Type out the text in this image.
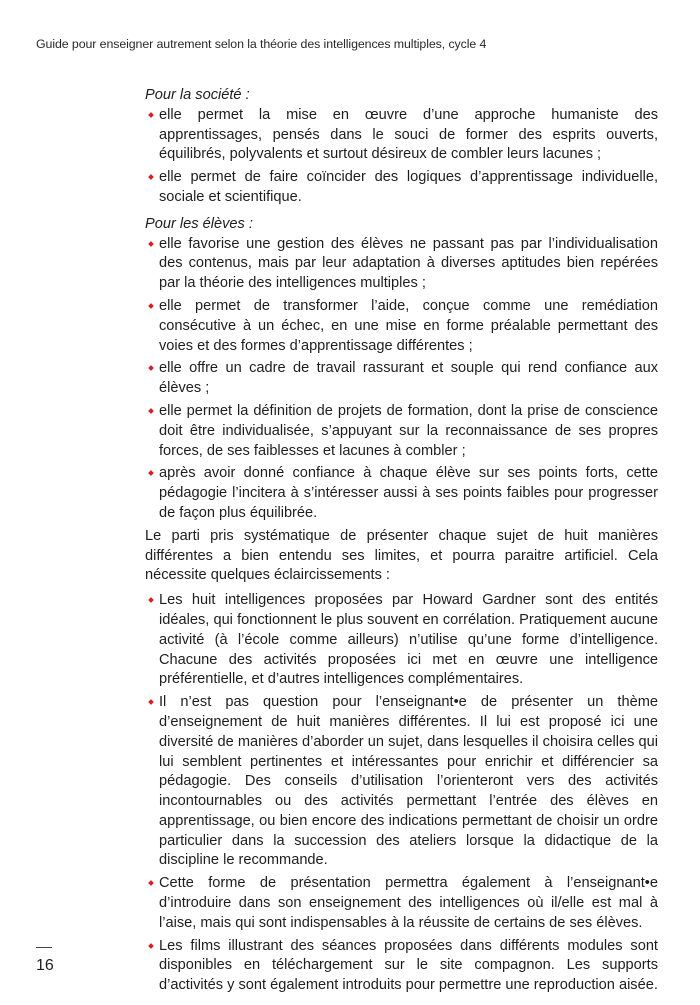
Guide pour enseigner autrement selon la théorie des intelligences multiples, cycle 4

Pour la société :

elle permet la mise en œuvre d’une approche humaniste des apprentissages, pensés dans le souci de former des esprits ouverts, équilibrés, polyvalents et surtout désireux de combler leurs lacunes ;
elle permet de faire coïncider des logiques d’apprentissage individuelle, sociale et scientifique.

Pour les élèves :

elle favorise une gestion des élèves ne passant pas par l’individualisation des contenus, mais par leur adaptation à diverses aptitudes bien repérées par la théorie des intelligences multiples ;
elle permet de transformer l’aide, conçue comme une remédiation consécutive à un échec, en une mise en forme préalable permettant des voies et des formes d’apprentissage différentes ;
elle offre un cadre de travail rassurant et souple qui rend confiance aux élèves ;
elle permet la définition de projets de formation, dont la prise de conscience doit être individualisée, s’appuyant sur la reconnaissance de ses propres forces, de ses faiblesses et lacunes à combler ;
après avoir donné confiance à chaque élève sur ses points forts, cette pédagogie l’incitera à s’intéresser aussi à ses points faibles pour progresser de façon plus équilibrée.

Le parti pris systématique de présenter chaque sujet de huit manières différentes a bien entendu ses limites, et pourra paraitre artificiel. Cela nécessite quelques éclaircissements :

Les huit intelligences proposées par Howard Gardner sont des entités idéales, qui fonctionnent le plus souvent en corrélation. Pratiquement aucune activité (à l’école comme ailleurs) n’utilise qu’une forme d’intelligence. Chacune des activités proposées ici met en œuvre une intelligence préférentielle, et d’autres intelligences complémentaires.
Il n’est pas question pour l’enseignant•e de présenter un thème d’enseignement de huit manières différentes. Il lui est proposé ici une diversité de manières d’aborder un sujet, dans lesquelles il choisira celles qui lui semblent pertinentes et intéressantes pour enrichir et différencier sa pédagogie. Des conseils d’utilisation l’orienteront vers des activités incontournables ou des activités permettant l’entrée des élèves en apprentissage, ou bien encore des indications permettant de choisir un ordre particulier dans la succession des ateliers lorsque la didactique de la discipline le recommande.
Cette forme de présentation permettra également à l’enseignant•e d’introduire dans son enseignement des intelligences où il/elle est mal à l’aise, mais qui sont indispensables à la réussite de certains de ses élèves.
Les films illustrant des séances proposées dans différents modules sont disponibles en téléchargement sur le site compagnon. Les supports d’activités y sont également introduits pour permettre une reproduction aisée.
16
